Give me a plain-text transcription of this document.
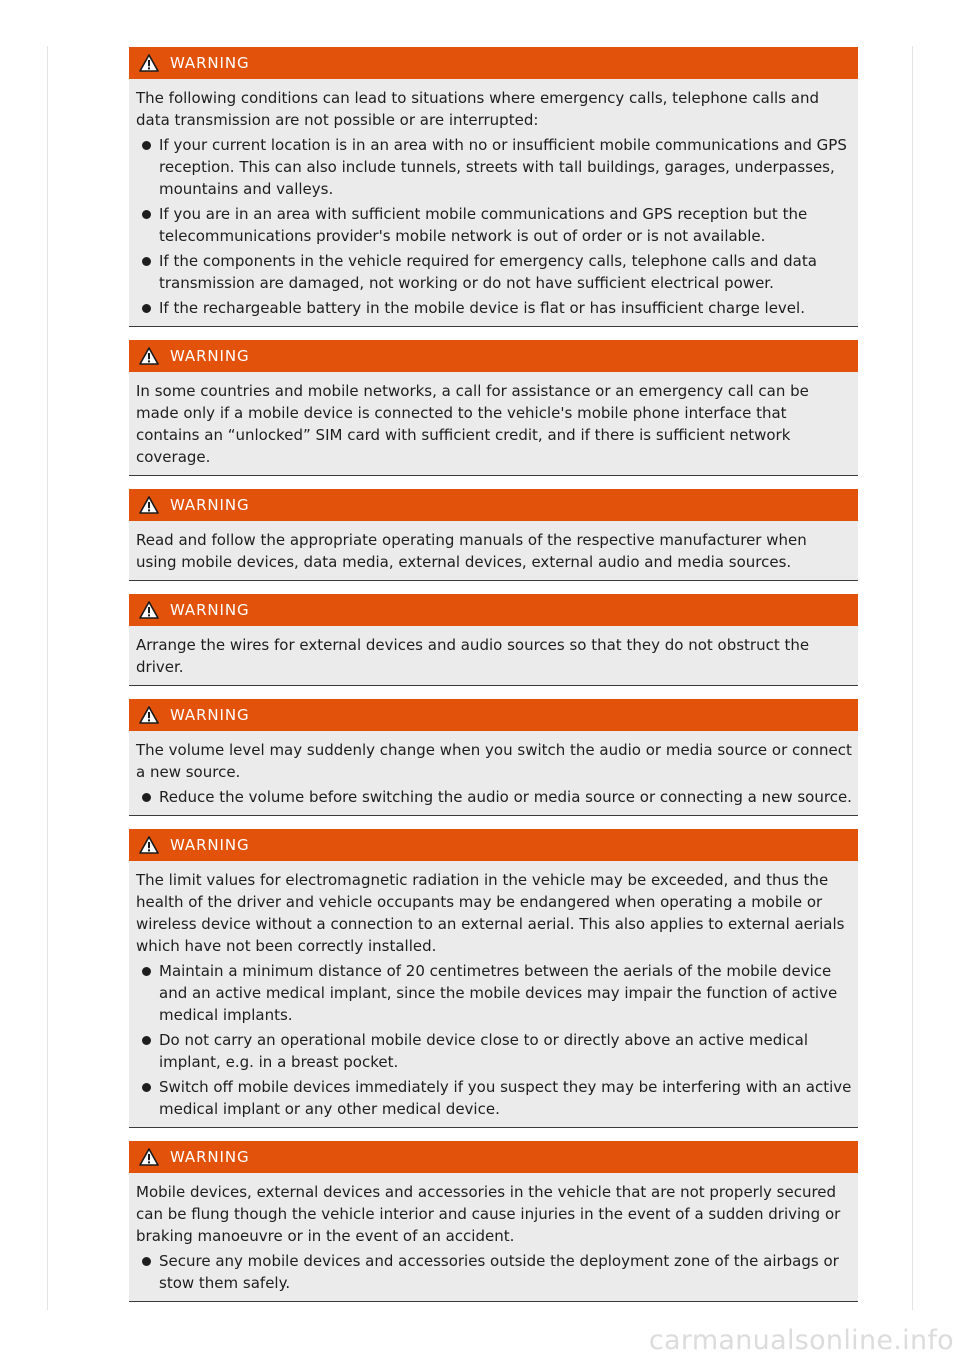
WARNING

The following conditions can lead to situations where emergency calls, telephone calls and data transmission are not possible or are interrupted:

If your current location is in an area with no or insufficient mobile communications and GPS reception. This can also include tunnels, streets with tall buildings, garages, underpasses, mountains and valleys.
If you are in an area with sufficient mobile communications and GPS reception but the telecommunications provider's mobile network is out of order or is not available.
If the components in the vehicle required for emergency calls, telephone calls and data transmission are damaged, not working or do not have sufficient electrical power.
If the rechargeable battery in the mobile device is flat or has insufficient charge level.
WARNING

In some countries and mobile networks, a call for assistance or an emergency call can be made only if a mobile device is connected to the vehicle's mobile phone interface that contains an “unlocked” SIM card with sufficient credit, and if there is sufficient network coverage.

WARNING

Read and follow the appropriate operating manuals of the respective manufacturer when using mobile devices, data media, external devices, external audio and media sources.

WARNING

Arrange the wires for external devices and audio sources so that they do not obstruct the driver.

WARNING

The volume level may suddenly change when you switch the audio or media source or connect a new source.

Reduce the volume before switching the audio or media source or connecting a new source.
WARNING

The limit values for electromagnetic radiation in the vehicle may be exceeded, and thus the health of the driver and vehicle occupants may be endangered when operating a mobile or wireless device without a connection to an external aerial. This also applies to external aerials which have not been correctly installed.

Maintain a minimum distance of 20 centimetres between the aerials of the mobile device and an active medical implant, since the mobile devices may impair the function of active medical implants.
Do not carry an operational mobile device close to or directly above an active medical implant, e.g. in a breast pocket.
Switch off mobile devices immediately if you suspect they may be interfering with an active medical implant or any other medical device.
WARNING

Mobile devices, external devices and accessories in the vehicle that are not properly secured can be flung though the vehicle interior and cause injuries in the event of a sudden driving or braking manoeuvre or in the event of an accident.

Secure any mobile devices and accessories outside the deployment zone of the airbags or stow them safely.
carmanualsonline.info
